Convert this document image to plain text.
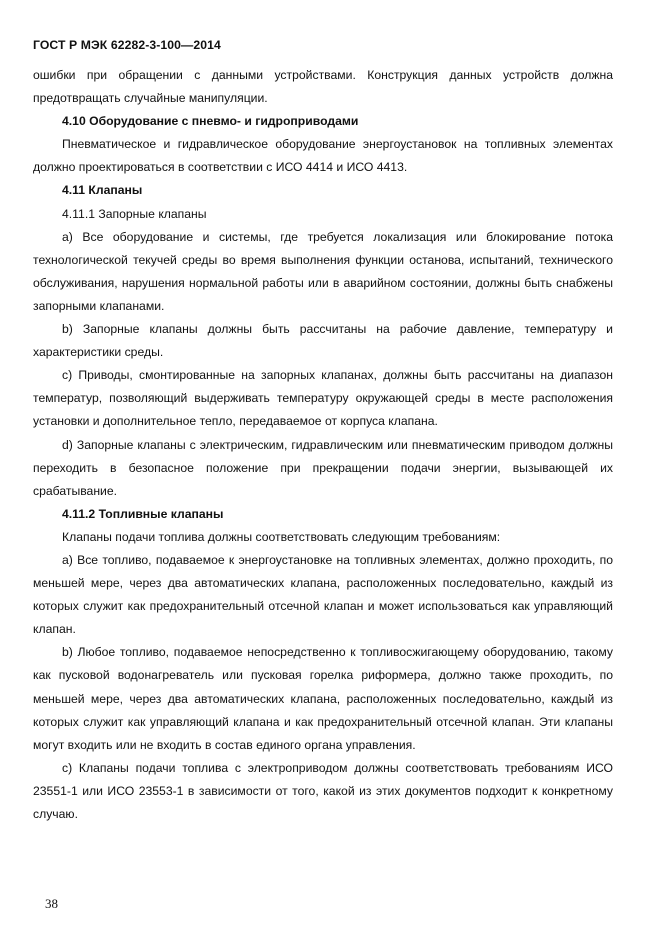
ГОСТ Р МЭК 62282-3-100—2014

ошибки при обращении с данными устройствами. Конструкция данных устройств должна предотвращать случайные манипуляции.

4.10 Оборудование с пневмо- и гидроприводами

Пневматическое и гидравлическое оборудование энергоустановок на топливных элементах должно проектироваться в соответствии с ИСО 4414 и ИСО 4413.

4.11 Клапаны

4.11.1 Запорные клапаны

a) Все оборудование и системы, где требуется локализация или блокирование потока технологической текучей среды во время выполнения функции останова, испытаний, технического обслуживания, нарушения нормальной работы или в аварийном состоянии, должны быть снабжены запорными клапанами.

b) Запорные клапаны должны быть рассчитаны на рабочие давление, температуру и характеристики среды.

c) Приводы, смонтированные на запорных клапанах, должны быть рассчитаны на диапазон температур, позволяющий выдерживать температуру окружающей среды в месте расположения установки и дополнительное тепло, передаваемое от корпуса клапана.

d) Запорные клапаны с электрическим, гидравлическим или пневматическим приводом должны переходить в безопасное положение при прекращении подачи энергии, вызывающей их срабатывание.

4.11.2 Топливные клапаны

Клапаны подачи топлива должны соответствовать следующим требованиям:

a) Все топливо, подаваемое к энергоустановке на топливных элементах, должно проходить, по меньшей мере, через два автоматических клапана, расположенных последовательно, каждый из которых служит как предохранительный отсечной клапан и может использоваться как управляющий клапан.

b) Любое топливо, подаваемое непосредственно к топливосжигающему оборудованию, такому как пусковой водонагреватель или пусковая горелка риформера, должно также проходить, по меньшей мере, через два автоматических клапана, расположенных последовательно, каждый из которых служит как управляющий клапана и как предохранительный отсечной клапан. Эти клапаны могут входить или не входить в состав единого органа управления.

c) Клапаны подачи топлива с электроприводом должны соответствовать требованиям ИСО 23551-1 или ИСО 23553-1 в зависимости от того, какой из этих документов подходит к конкретному случаю.

38
